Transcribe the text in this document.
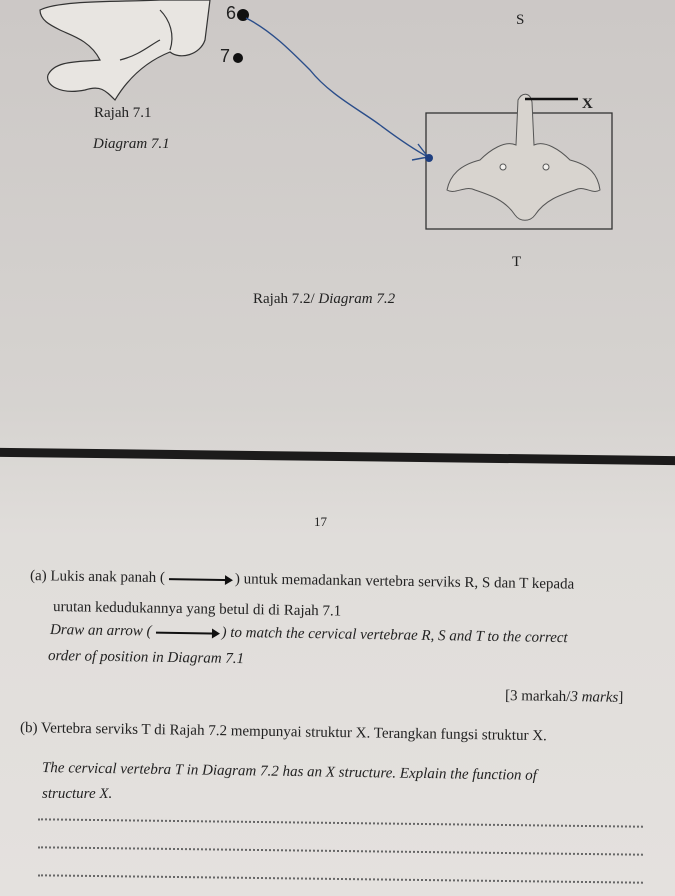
6
7
S
Rajah 7.1
Diagram 7.1
X
T
Rajah 7.2/ Diagram 7.2
17
(a) Lukis anak panah (	) untuk memadankan vertebra serviks R, S dan T kepada
urutan kedudukannya yang betul di di Rajah 7.1
Draw an arrow (	) to match the cervical vertebrae R, S and T to the correct
order of position in Diagram 7.1
[3 markah/3 marks]
(b) Vertebra serviks T di Rajah 7.2 mempunyai struktur X. Terangkan fungsi struktur X.
The cervical vertebra T in Diagram 7.2 has an X structure. Explain the function of
structure X.
